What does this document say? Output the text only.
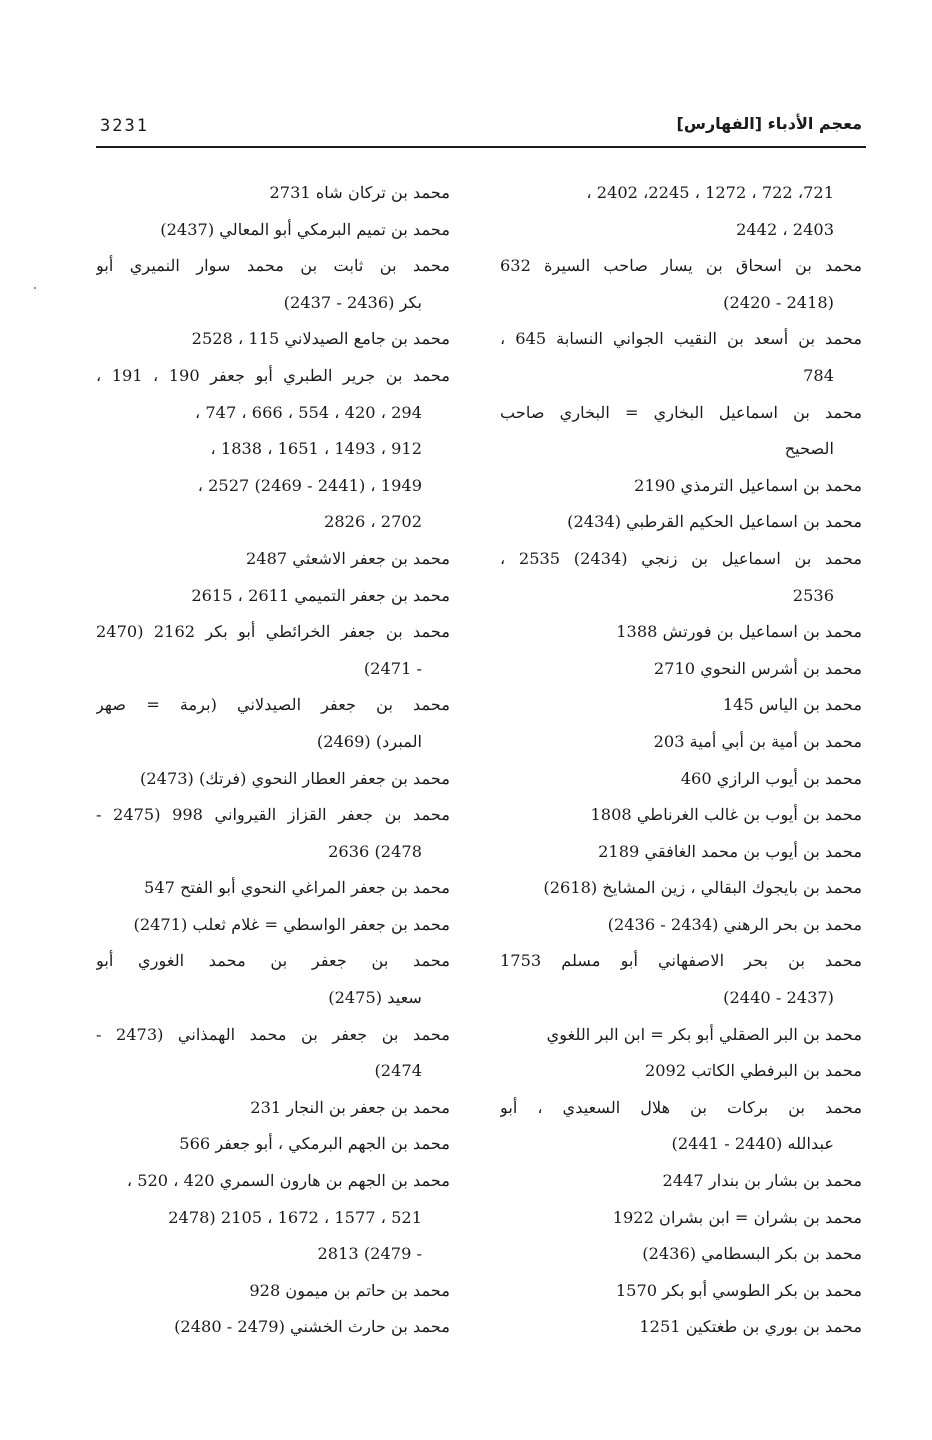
3231	معجم الأدباء [الفهارس]
721، 722 ، 1272 ، 2245، 2402 ،
2403 ، 2442
محمد بن اسحاق بن يسار صاحب السيرة 632
(2418 - 2420)
محمد بن أسعد بن النقيب الجواني النسابة 645 ،
784
محمد بن اسماعيل البخاري = البخاري صاحب
الصحيح
محمد بن اسماعيل الترمذي 2190
محمد بن اسماعيل الحكيم القرطبي (2434)
محمد بن اسماعيل بن زنجي (2434) 2535 ،
2536
محمد بن اسماعيل بن فورتش 1388
محمد بن أشرس النحوي 2710
محمد بن الياس 145
محمد بن أمية بن أبي أمية 203
محمد بن أيوب الرازي 460
محمد بن أيوب بن غالب الغرناطي 1808
محمد بن أيوب بن محمد الغافقي 2189
محمد بن بايجوك البقالي ، زين المشايخ (2618)
محمد بن بحر الرهني (2434 - 2436)
محمد بن بحر الاصفهاني أبو مسلم 1753
(2437 - 2440)
محمد بن البر الصقلي أبو بكر = ابن البر اللغوي
محمد بن البرفطي الكاتب 2092
محمد بن بركات بن هلال السعيدي ، أبو
عبدالله (2440 - 2441)
محمد بن بشار بن بندار 2447
محمد بن بشران = ابن بشران 1922
محمد بن بكر البسطامي (2436)
محمد بن بكر الطوسي أبو بكر 1570
محمد بن بوري بن طغتكين 1251
محمد بن تركان شاه 2731
محمد بن تميم البرمكي أبو المعالي (2437)
محمد بن ثابت بن محمد سوار النميري أبو
بكر (2436 - 2437)
محمد بن جامع الصيدلاني 115 ، 2528
محمد بن جرير الطبري أبو جعفر 190 ، 191 ،
294 ، 420 ، 554 ، 666 ، 747 ،
912 ، 1493 ، 1651 ، 1838 ،
1949 ، (2441 - 2469) 2527 ،
2702 ، 2826
محمد بن جعفر الاشعثي 2487
محمد بن جعفر التميمي 2611 ، 2615
محمد بن جعفر الخرائطي أبو بكر 2162 (2470
- 2471)
محمد بن جعفر الصيدلاني (برمة = صهر
المبرد) (2469)
محمد بن جعفر العطار النحوي (فرتك) (2473)
محمد بن جعفر القزاز القيرواني 998 (2475 -
2478) 2636
محمد بن جعفر المراغي النحوي أبو الفتح 547
محمد بن جعفر الواسطي = غلام ثعلب (2471)
محمد بن جعفر بن محمد الغوري أبو
سعيد (2475)
محمد بن جعفر بن محمد الهمذاني (2473 -
2474)
محمد بن جعفر بن النجار 231
محمد بن الجهم البرمكي ، أبو جعفر 566
محمد بن الجهم بن هارون السمري 420 ، 520 ،
521 ، 1577 ، 1672 ، 2105 (2478
- 2479) 2813
محمد بن حاتم بن ميمون 928
محمد بن حارث الخشني (2479 - 2480)
